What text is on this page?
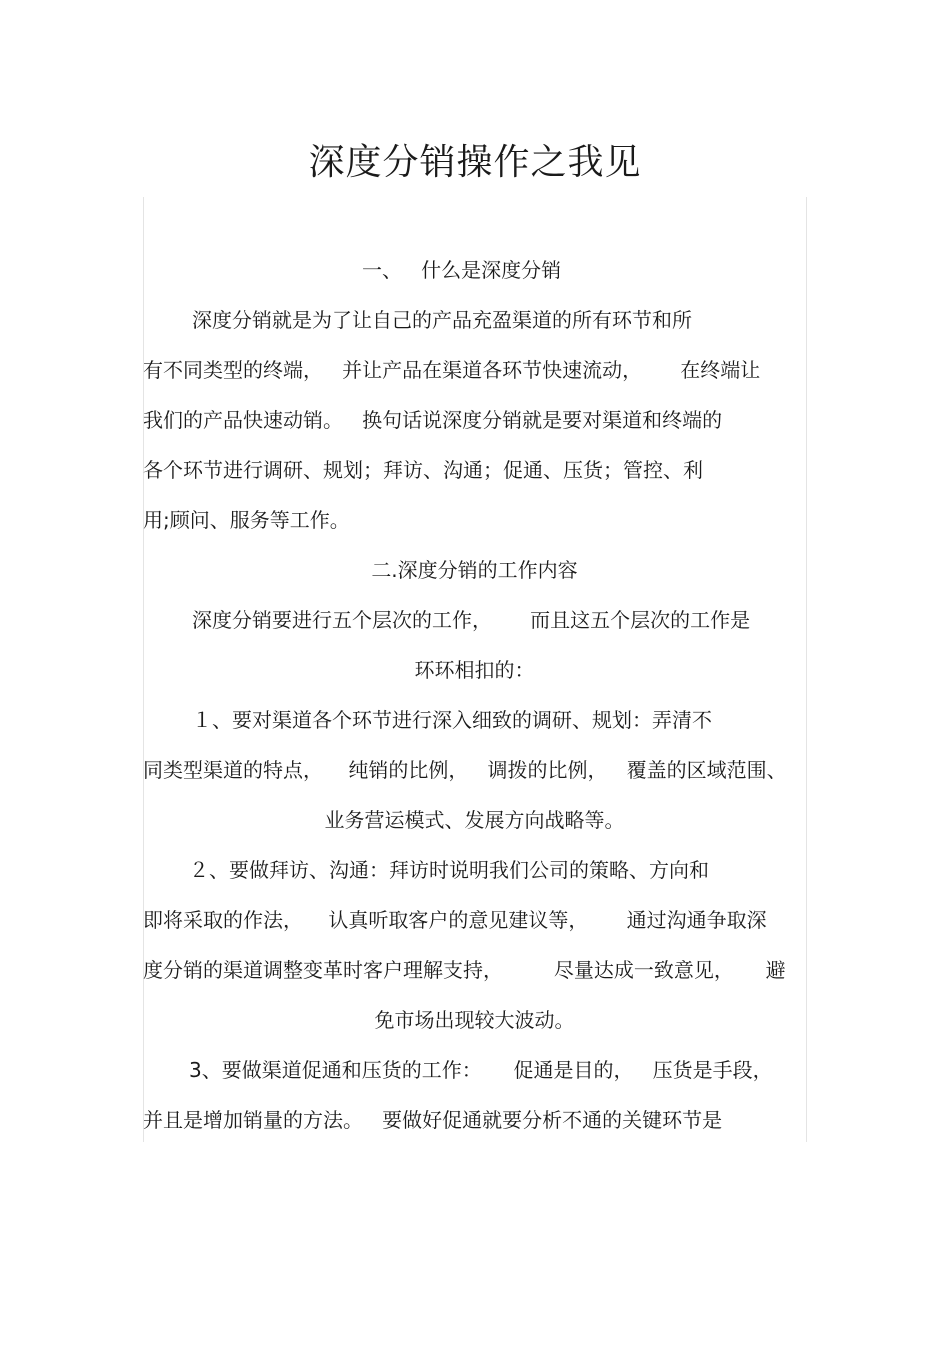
深度分销操作之我见
一、   什么是深度分销
深度分销就是为了让自己的产品充盈渠道的所有环节和所
有不同类型的终端，   并让产品在渠道各环节快速流动，      在终端让
我们的产品快速动销。   换句话说深度分销就是要对渠道和终端的
各个环节进行调研、规划；拜访、沟通；促通、压货；管控、利
用;顾问、服务等工作。
二.深度分销的工作内容
深度分销要进行五个层次的工作，      而且这五个层次的工作是
环环相扣的：
１、要对渠道各个环节进行深入细致的调研、规划：弄清不
同类型渠道的特点，    纯销的比例，   调拨的比例，   覆盖的区域范围、
业务营运模式、发展方向战略等。
２、要做拜访、沟通：拜访时说明我们公司的策略、方向和
即将采取的作法，    认真听取客户的意见建议等，      通过沟通争取深
度分销的渠道调整变革时客户理解支持，        尽量达成一致意见，     避
免市场出现较大波动。
3、要做渠道促通和压货的工作：     促通是目的，   压货是手段，
并且是增加销量的方法。   要做好促通就要分析不通的关键环节是
